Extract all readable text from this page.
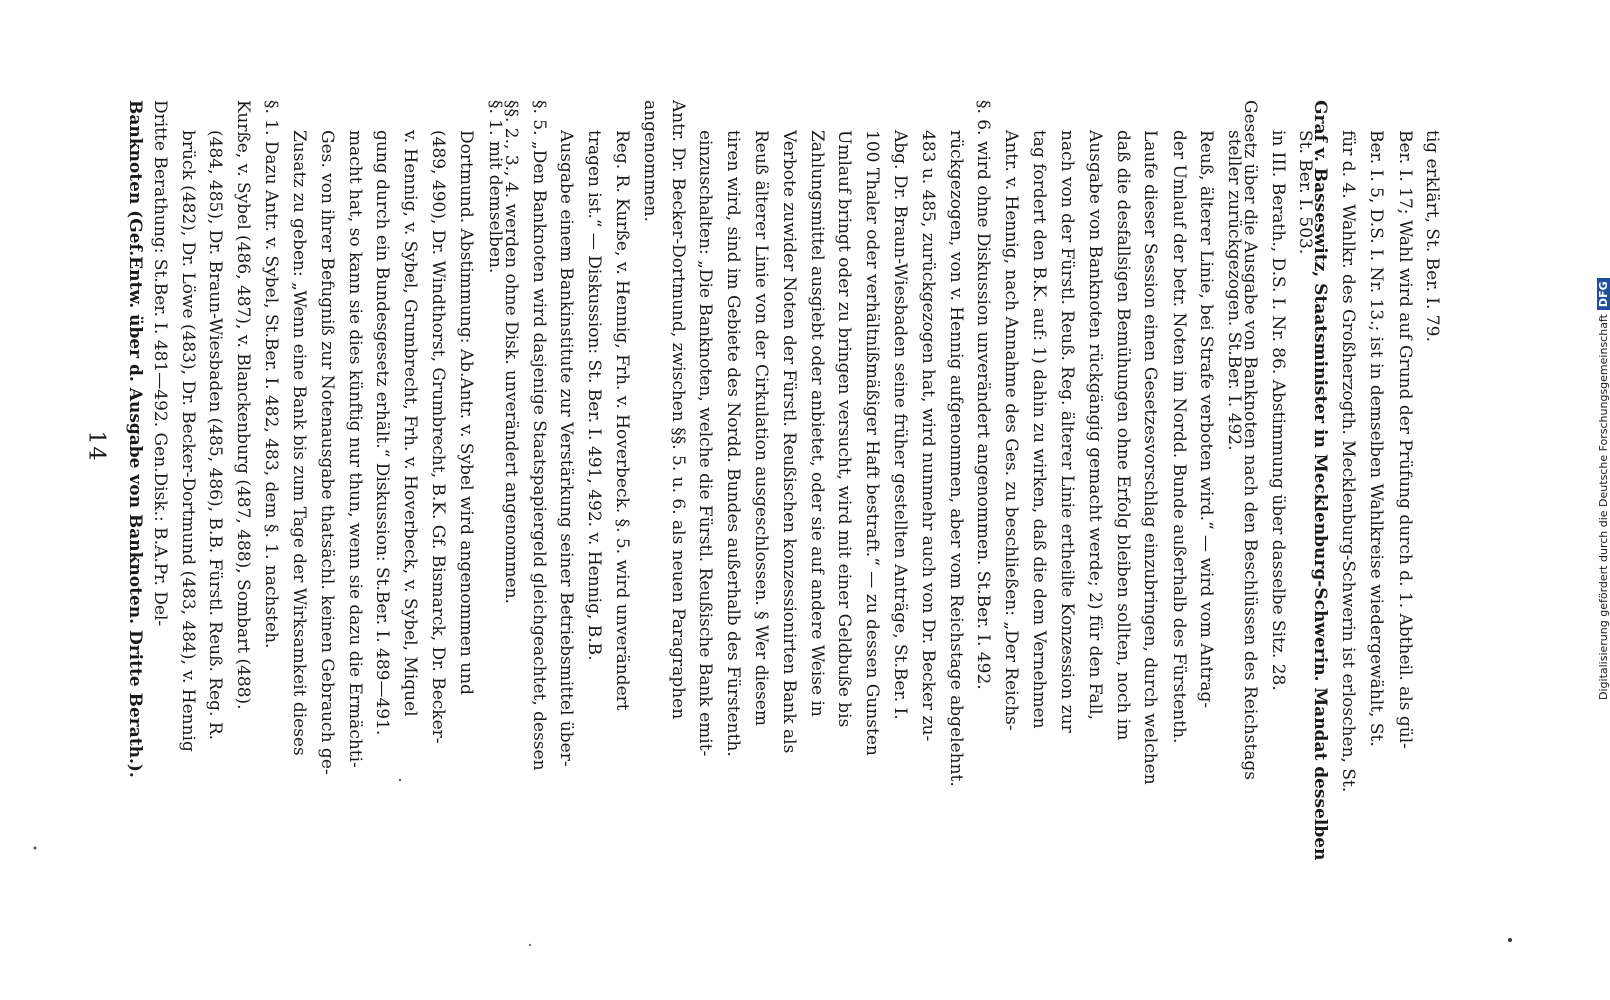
14 Banknoten (Gef.Entw. über d. Ausgabe von Banknoten. Dritte Berath.). Dritte Berathung: St.Ber. I. 481—492. Gen.Disk.: B.A.Pr. Del- brück (482), Dr. Löwe (483), Dr. Becker-Dortmund (483, 484), v. Hennig (484, 485), Dr. Braun-Wiesbaden (485, 486), B.B. Fürstl. Reuß. Reg. R. Kurße, v. Sybel (486, 487), v. Blanckenburg (487, 488), Sombart (488). §. 1. Dazu Antr. v. Sybel, St.Ber. I. 482, 483, dem §. 1. nachsteh. Zusatz zu geben: „Wenn eine Bank bis zum Tage der Wirksamkeit dieses Ges. von ihrer Befugniß zur Notenausgabe thatsächl. keinen Gebrauch ge- macht hat, so kann sie dies künftig nur thun, wenn sie dazu die Ermächti- gung durch ein Bundesgesetz erhält.“ Diskussion: St.Ber. I. 489—491. v. Hennig, v. Sybel, Grumbrecht, Frh. v. Hoverbeck, v. Sybel, Miquel (489, 490), Dr. Windthorst, Grumbrecht, B.K. Gf. Bismarck, Dr. Becker- Dortmund. Abstimmung: Ab.Antr. v. Sybel wird angenommen und §. 1. mit demselben.
§§. 2., 3., 4. werden ohne Disk. unverändert angenommen. §. 5. „Den Banknoten wird dasjenige Staatspapiergeld gleichgeachtet, dessen Ausgabe einem Bankinstitute zur Verstärkung seiner Betriebsmittel über- tragen ist.“ — Diskussion: St. Ber. I. 491, 492. v. Hennig, B.B. Reg. R. Kurße, v. Hennig, Frh. v. Hoverbeck. §. 5. wird unverändert angenommen. Antr. Dr. Becker-Dortmund, zwischen §§. 5. u. 6. als neuen Paragraphen einzuschalten: „Die Banknoten, welche die Fürstl. Reußische Bank emit- tiren wird, sind im Gebiete des Nordd. Bundes außerhalb des Fürstenth. Reuß älterer Linie von der Cirkulation ausgeschlossen. § Wer diesem Verbote zuwider Noten der Fürstl. Reußischen konzessionirten Bank als Zahlungsmittel ausgiebt oder anbietet, oder sie auf andere Weise in Umlauf bringt oder zu bringen versucht, wird mit einer Geldbuße bis 100 Thaler oder verhältnißmäßiger Haft bestraft.“ — zu dessen Gunsten Abg. Dr. Braun-Wiesbaden seine früher gestellten Anträge, St.Ber. I. 483 u. 485, zurückgezogen hat, wird nunmehr auch von Dr. Becker zu- rückgezogen, von v. Hennig aufgenommen, aber vom Reichstage abgelehnt. §. 6. wird ohne Diskussion unverändert angenommen. St.Ber. I. 492. Antr. v. Hennig, nach Annahme des Ges. zu beschließen: „Der Reichs- tag fordert den B.K. auf: 1) dahin zu wirken, daß die dem Vernehmen nach von der Fürstl. Reuß. Reg. älterer Linie ertheilte Konzession zur Ausgabe von Banknoten rückgängig gemacht werde; 2) für den Fall, daß die desfallsigen Bemühungen ohne Erfolg bleiben sollten, noch im Laufe dieser Session einen Gesetzesvorschlag einzubringen, durch welchen der Umlauf der betr. Noten im Nordd. Bunde außerhalb des Fürstenth. Reuß, älterer Linie, bei Strafe verboten wird.“ — wird vom Antrag- steller zurückgezogen. St.Ber. I. 492.
Gesetz über die Ausgabe von Banknoten nach den Beschlüssen des Reichstags in III. Berath., D.S. I. Nr. 86. Abstimmung über dasselbe Sitz. 28. St. Ber. I. 503.
Graf v. Basseswitz, Staatsminister in Mecklenburg-Schwerin. Mandat desselben für d. 4. Wahlkr. des Großherzogth. Mecklenburg-Schwerin ist erloschen, St. Ber. I. 5, D.S. I. Nr. 13.; ist in demselben Wahlkreise wiedergewählt, St. Ber. I. 17; Wahl wird auf Grund der Prüfung durch d. 1. Abtheil. als gül- tig erklärt, St. Ber. I. 79.
Digitalisierung gefördert durch die Deutsche ForschungsgemeinschaftDFG
